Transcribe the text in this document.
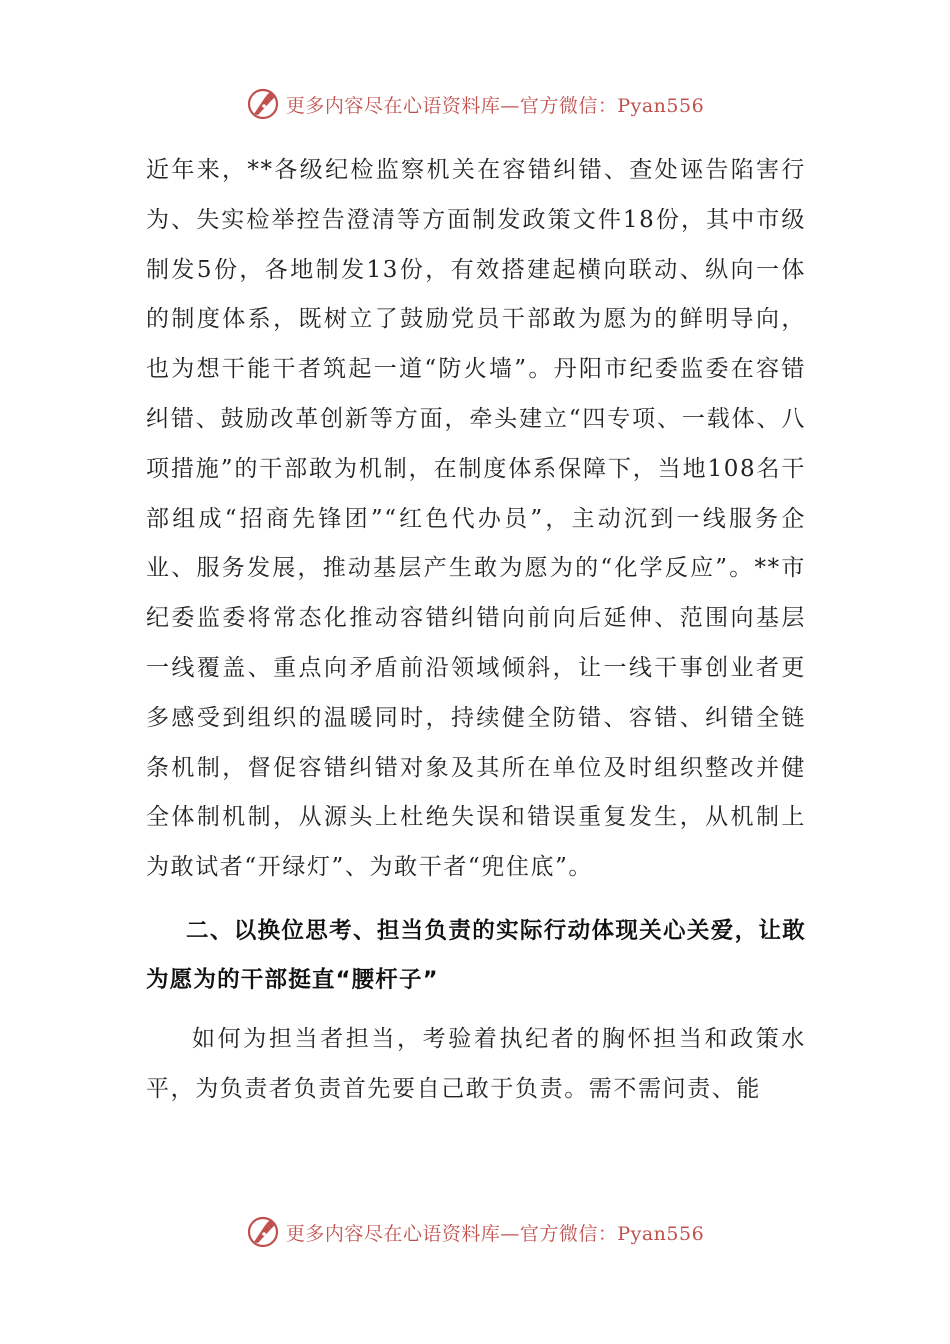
更多内容尽在心语资料库—官方微信：Pyan556

近年来，**各级纪检监察机关在容错纠错、查处诬告陷害行为、失实检举控告澄清等方面制发政策文件18份，其中市级制发5份，各地制发13份，有效搭建起横向联动、纵向一体的制度体系，既树立了鼓励党员干部敢为愿为的鲜明导向，也为想干能干者筑起一道“防火墙”。丹阳市纪委监委在容错纠错、鼓励改革创新等方面，牵头建立“四专项、一载体、八项措施”的干部敢为机制，在制度体系保障下，当地108名干部组成“招商先锋团”“红色代办员”，主动沉到一线服务企业、服务发展，推动基层产生敢为愿为的“化学反应”。**市纪委监委将常态化推动容错纠错向前向后延伸、范围向基层一线覆盖、重点向矛盾前沿领域倾斜，让一线干事创业者更多感受到组织的温暖同时，持续健全防错、容错、纠错全链条机制，督促容错纠错对象及其所在单位及时组织整改并健全体制机制，从源头上杜绝失误和错误重复发生，从机制上为敢试者“开绿灯”、为敢干者“兜住底”。

二、以换位思考、担当负责的实际行动体现关心关爱，让敢为愿为的干部挺直“腰杆子”

如何为担当者担当，考验着执纪者的胸怀担当和政策水平，为负责者负责首先要自己敢于负责。需不需问责、能

更多内容尽在心语资料库—官方微信：Pyan556
